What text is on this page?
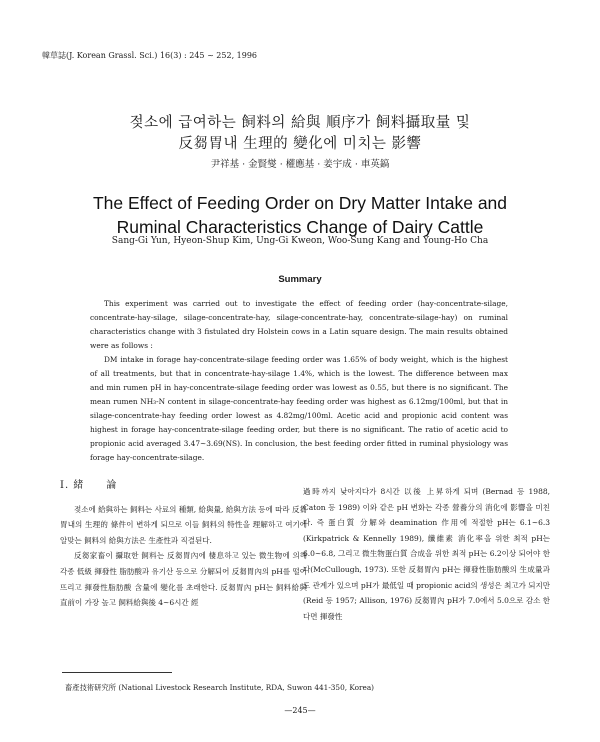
韓草誌(J. Korean Grassl. Sci.) 16(3) : 245 ~ 252, 1996
젖소에 급여하는 飼料의 給與 順序가 飼料攝取量 및
反芻胃내 生理的 變化에 미치는 影響
尹祥基 · 金賢燮 · 權應基 · 姜宇成 · 車英鎬
The Effect of Feeding Order on Dry Matter Intake and
Ruminal Characteristics Change of Dairy Cattle
Sang-Gi Yun, Hyeon-Shup Kim, Ung-Gi Kweon, Woo-Sung Kang and Young-Ho Cha
Summary

This experiment was carried out to investigate the effect of feeding order (hay-concentrate-silage, concentrate-hay-silage, silage-concentrate-hay, silage-concentrate-hay, concentrate-silage-hay) on ruminal characteristics change with 3 fistulated dry Holstein cows in a Latin square design. The main results obtained were as follows :

DM intake in forage hay-concentrate-silage feeding order was 1.65% of body weight, which is the highest of all treatments, but that in concentrate-hay-silage 1.4%, which is the lowest. The difference between max and min rumen pH in hay-concentrate-silage feeding order was lowest as 0.55, but there is no significant. The mean rumen NH₃-N content in silage-concentrate-hay feeding order was highest as 6.12mg/100ml, but that in silage-concentrate-hay feeding order lowest as 4.82mg/100ml. Acetic acid and propionic acid content was highest in forage hay-concentrate-silage feeding order, but there is no significant. The ratio of acetic acid to propionic acid averaged 3.47~3.69(NS). In conclusion, the best feeding order fitted in ruminal physiology was forage hay-concentrate-silage.

Ⅰ. 緒　　論

젖소에 給與하는 飼料는 사료의 種類, 給與量, 給與方法 등에 따라 反芻胃내의 生理的 條件이 변하게 되므로 이들 飼料의 特性을 理解하고 여기에 알맞는 飼料의 給與方法은 生產性과 직결된다.

反芻家畜이 攝取한 飼料는 反芻胃內에 棲息하고 있는 微生物에 의해 각종 低級 揮發性 脂肪酸과 유기산 등으로 分解되어 反芻胃內의 pH를 떨어뜨리고 揮發性脂肪酸 含量에 變化를 초래한다. 反芻胃內 pH는 飼料給與 直前이 가장 높고 飼料給與後 4~6시간 經

過時까지 낮아지다가 8시간 以後 上昇하게 되며 (Bernad 등 1988, Caton 등 1989) 이와 같은 pH 변화는 각종 營養分의 消化에 影響을 미친다. 즉 蛋白質 分解와 deamination 作用에 적절한 pH는 6.1~6.3 (Kirkpatrick & Kennelly 1989), 纖維素 消化率을 위한 최적 pH는 6.0~6.8, 그리고 微生物蛋白質 合成을 위한 최적 pH는 6.2이상 되어야 한다(McCullough, 1973). 또한 反芻胃內 pH는 揮發性脂肪酸의 生成量과도 관계가 있으며 pH가 最低일 때 propionic acid의 생성은 최고가 되지만 (Reid 등 1957; Allison, 1976) 反芻胃內 pH가 7.0에서 5.0으로 감소 한다면 揮發性

畜產技術研究所 (National Livestock Research Institute, RDA, Suwon 441-350, Korea)
—245—
